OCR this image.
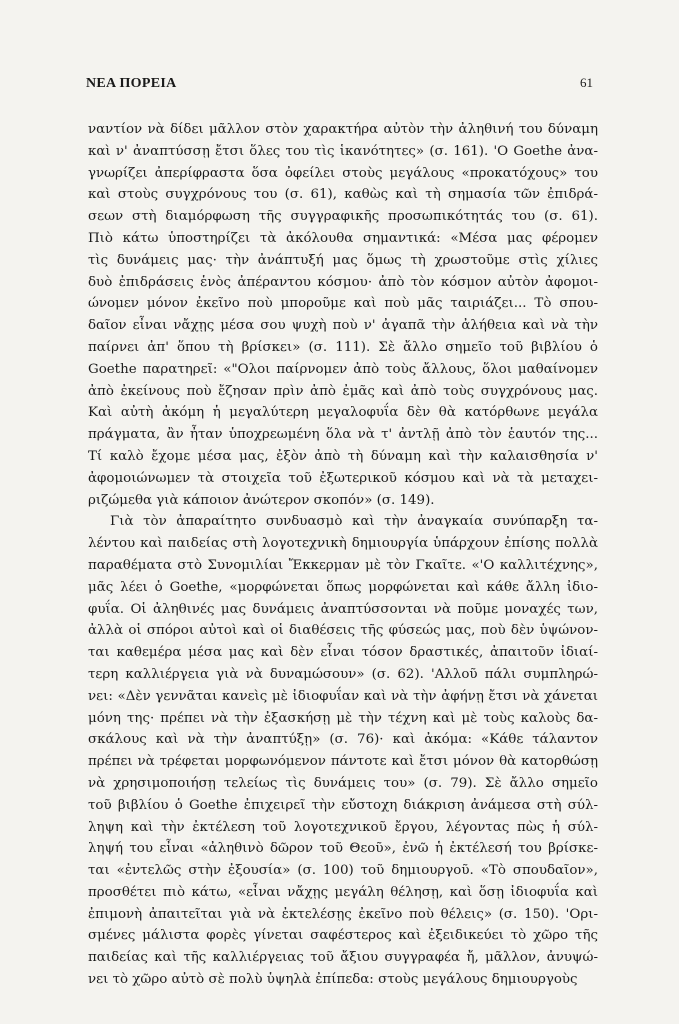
ΝΕΑ ΠΟΡΕΙΑ	61
ναντίον νὰ δίδει μᾶλλον στὸν χαρακτήρα αὐτὸν τὴν ἀληθινή του δύναμη
καὶ ν' ἀναπτύσσῃ ἔτσι ὅλες του τὶς ἱκανότητες» (σ. 161). 'Ο Goethe ἀνα-
γνωρίζει ἀπερίφραστα ὅσα ὀφείλει στοὺς μεγάλους «προκατόχους» του
καὶ στοὺς συγχρόνους του (σ. 61), καθὼς καὶ τὴ σημασία τῶν ἐπιδρά-
σεων στὴ διαμόρφωση τῆς συγγραφικῆς προσωπικότητάς του (σ. 61).
Πιὸ κάτω ὑποστηρίζει τὰ ἀκόλουθα σημαντικά: «Μέσα μας φέρομεν
τὶς δυνάμεις μας· τὴν ἀνάπτυξή μας ὅμως τὴ χρωστοῦμε στὶς χίλιες
δυὸ ἐπιδράσεις ἑνὸς ἀπέραντου κόσμου· ἀπὸ τὸν κόσμον αὐτὸν ἀφομοι-
ώνομεν μόνον ἐκεῖνο ποὺ μποροῦμε καὶ ποὺ μᾶς ταιριάζει... Τὸ σπου-
δαῖον εἶναι νἄχῃς μέσα σου ψυχὴ ποὺ ν' ἀγαπᾶ τὴν ἀλήθεια καὶ νὰ τὴν
παίρνει ἀπ' ὅπου τὴ βρίσκει» (σ. 111). Σὲ ἄλλο σημεῖο τοῦ βιβλίου ὁ
Goethe παρατηρεῖ: «"Ολοι παίρνομεν ἀπὸ τοὺς ἄλλους, ὅλοι μαθαίνομεν
ἀπὸ ἐκείνους ποὺ ἔζησαν πρὶν ἀπὸ ἐμᾶς καὶ ἀπὸ τοὺς συγχρόνους μας.
Καὶ αὐτὴ ἀκόμη ἡ μεγαλύτερη μεγαλοφυΐα δὲν θὰ κατόρθωνε μεγάλα
πράγματα, ἂν ἦταν ὑποχρεωμένη ὅλα νὰ τ' ἀντλῇ ἀπὸ τὸν ἑαυτόν της...
Τί καλὸ ἔχομε μέσα μας, ἐξὸν ἀπὸ τὴ δύναμη καὶ τὴν καλαισθησία ν'
ἀφομοιώνωμεν τὰ στοιχεῖα τοῦ ἐξωτερικοῦ κόσμου καὶ νὰ τὰ μεταχει-
ριζώμεθα γιὰ κάποιον ἀνώτερον σκοπόν» (σ. 149).
Γιὰ τὸν ἀπαραίτητο συνδυασμὸ καὶ τὴν ἀναγκαία συνύπαρξη τα-
λέντου καὶ παιδείας στὴ λογοτεχνικὴ δημιουργία ὑπάρχουν ἐπίσης πολλὰ
παραθέματα στὸ Συνομιλίαι Ἔκκερμαν μὲ τὸν Γκαῖτε. «'Ο καλλιτέχνης»,
μᾶς λέει ὁ Goethe, «μορφώνεται ὅπως μορφώνεται καὶ κάθε ἄλλη ἰδιο-
φυΐα. Οἱ ἀληθινές μας δυνάμεις ἀναπτύσσονται νὰ ποῦμε μοναχές των,
ἀλλὰ οἱ σπόροι αὐτοὶ καὶ οἱ διαθέσεις τῆς φύσεώς μας, ποὺ δὲν ὑψώνον-
ται καθεμέρα μέσα μας καὶ δὲν εἶναι τόσον δραστικές, ἀπαιτοῦν ἰδιαί-
τερη καλλιέργεια γιὰ νὰ δυναμώσουν» (σ. 62). 'Αλλοῦ πάλι συμπληρώ-
νει: «Δὲν γεννᾶται κανεὶς μὲ ἰδιοφυΐαν καὶ νὰ τὴν ἀφήνῃ ἔτσι νὰ χάνεται
μόνη της· πρέπει νὰ τὴν ἐξασκήσῃ μὲ τὴν τέχνη καὶ μὲ τοὺς καλοὺς δα-
σκάλους καὶ νὰ τὴν ἀναπτύξῃ» (σ. 76)· καὶ ἀκόμα: «Κάθε τάλαντον
πρέπει νὰ τρέφεται μορφωνόμενον πάντοτε καὶ ἔτσι μόνον θὰ κατορθώσῃ
νὰ χρησιμοποιήσῃ τελείως τὶς δυνάμεις του» (σ. 79). Σὲ ἄλλο σημεῖο
τοῦ βιβλίου ὁ Goethe ἐπιχειρεῖ τὴν εὔστοχη διάκριση ἀνάμεσα στὴ σύλ-
ληψη καὶ τὴν ἐκτέλεση τοῦ λογοτεχνικοῦ ἔργου, λέγοντας πὼς ἡ σύλ-
ληψή του εἶναι «ἀληθινὸ δῶρον τοῦ Θεοῦ», ἐνῶ ἡ ἐκτέλεσή του βρίσκε-
ται «ἐντελῶς στὴν ἐξουσία» (σ. 100) τοῦ δημιουργοῦ. «Τὸ σπουδαῖον»,
προσθέτει πιὸ κάτω, «εἶναι νἄχῃς μεγάλη θέλησῃ, καὶ ὅσῃ ἰδιοφυΐα καὶ
ἐπιμονὴ ἀπαιτεῖται γιὰ νὰ ἐκτελέσῃς ἐκεῖνο ποὺ θέλεις» (σ. 150). 'Ορι-
σμένες μάλιστα φορὲς γίνεται σαφέστερος καὶ ἐξειδικεύει τὸ χῶρο τῆς
παιδείας καὶ τῆς καλλιέργειας τοῦ ἄξιου συγγραφέα ἤ, μᾶλλον, ἀνυψώ-
νει τὸ χῶρο αὐτὸ σὲ πολὺ ὑψηλὰ ἐπίπεδα: στοὺς μεγάλους δημιουργοὺς
